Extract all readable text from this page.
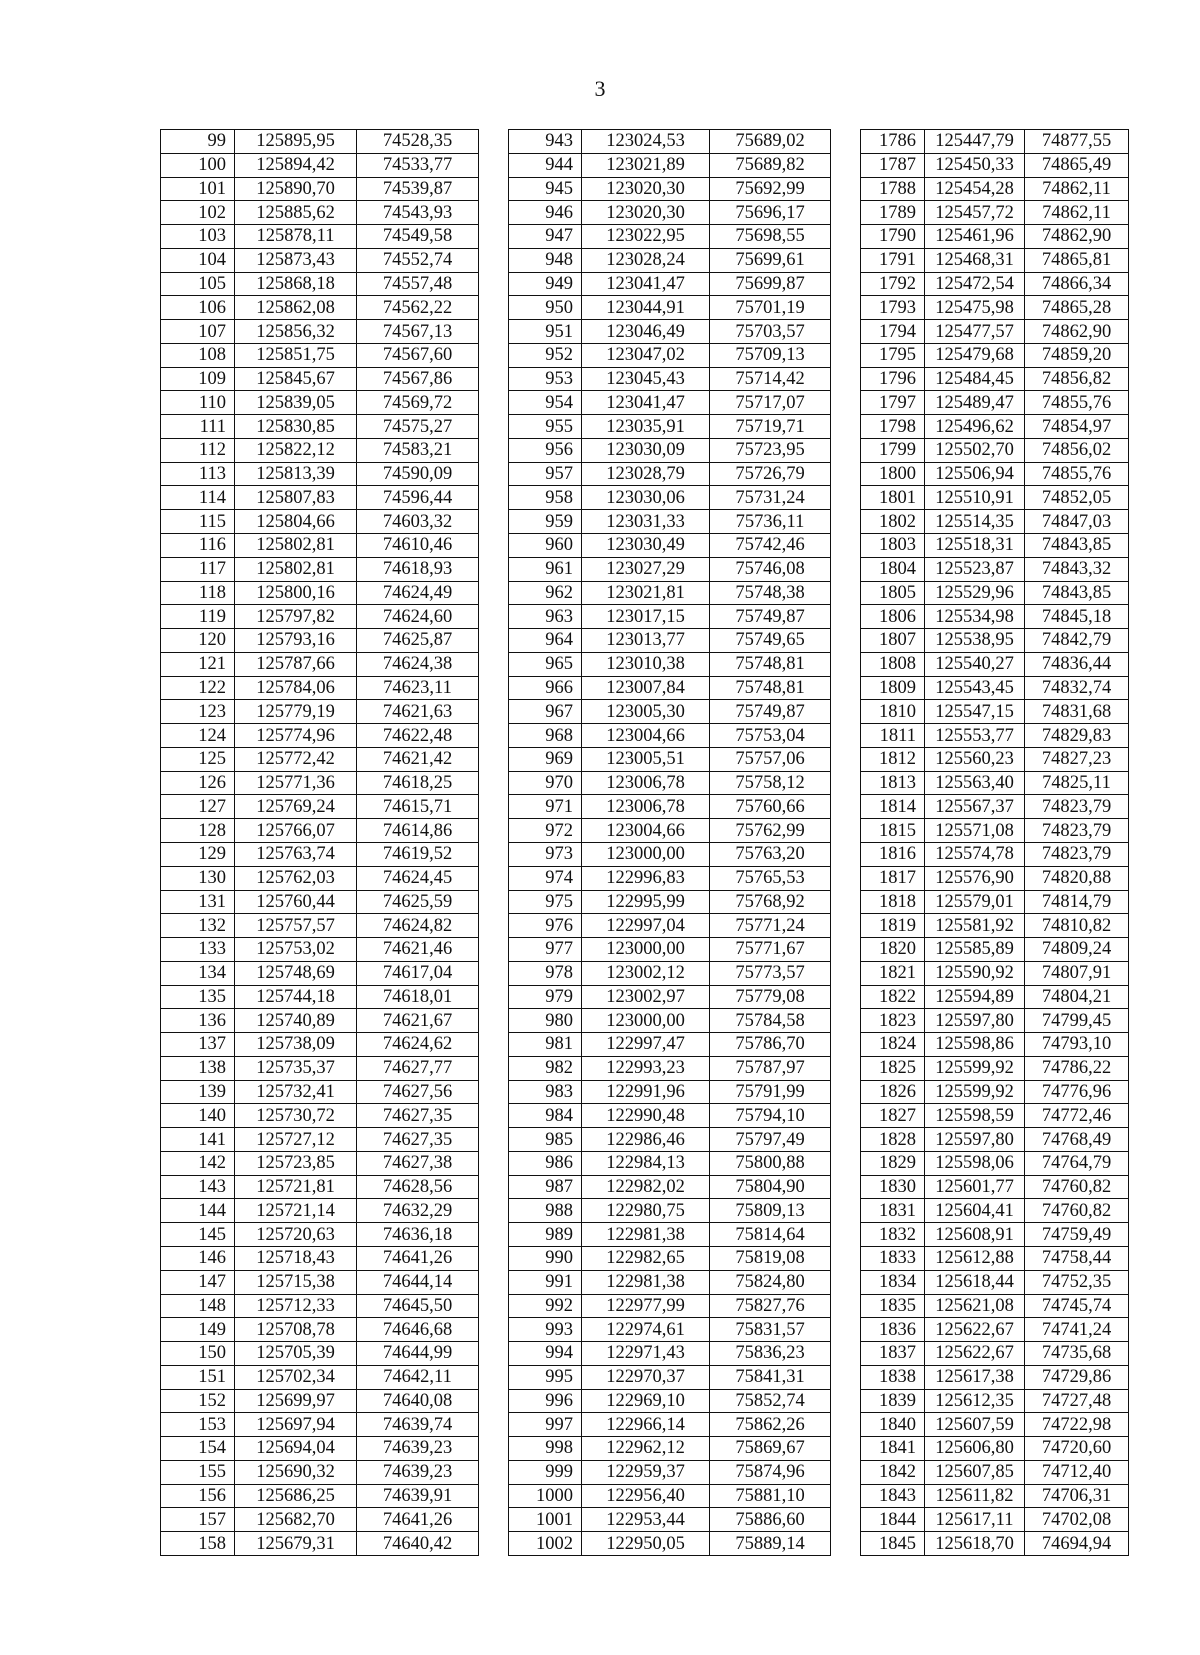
3
99	125895,95	74528,35		943	123024,53	75689,02		1786	125447,79	74877,55
100	125894,42	74533,77		944	123021,89	75689,82		1787	125450,33	74865,49
101	125890,70	74539,87		945	123020,30	75692,99		1788	125454,28	74862,11
102	125885,62	74543,93		946	123020,30	75696,17		1789	125457,72	74862,11
103	125878,11	74549,58		947	123022,95	75698,55		1790	125461,96	74862,90
104	125873,43	74552,74		948	123028,24	75699,61		1791	125468,31	74865,81
105	125868,18	74557,48		949	123041,47	75699,87		1792	125472,54	74866,34
106	125862,08	74562,22		950	123044,91	75701,19		1793	125475,98	74865,28
107	125856,32	74567,13		951	123046,49	75703,57		1794	125477,57	74862,90
108	125851,75	74567,60		952	123047,02	75709,13		1795	125479,68	74859,20
109	125845,67	74567,86		953	123045,43	75714,42		1796	125484,45	74856,82
110	125839,05	74569,72		954	123041,47	75717,07		1797	125489,47	74855,76
111	125830,85	74575,27		955	123035,91	75719,71		1798	125496,62	74854,97
112	125822,12	74583,21		956	123030,09	75723,95		1799	125502,70	74856,02
113	125813,39	74590,09		957	123028,79	75726,79		1800	125506,94	74855,76
114	125807,83	74596,44		958	123030,06	75731,24		1801	125510,91	74852,05
115	125804,66	74603,32		959	123031,33	75736,11		1802	125514,35	74847,03
116	125802,81	74610,46		960	123030,49	75742,46		1803	125518,31	74843,85
117	125802,81	74618,93		961	123027,29	75746,08		1804	125523,87	74843,32
118	125800,16	74624,49		962	123021,81	75748,38		1805	125529,96	74843,85
119	125797,82	74624,60		963	123017,15	75749,87		1806	125534,98	74845,18
120	125793,16	74625,87		964	123013,77	75749,65		1807	125538,95	74842,79
121	125787,66	74624,38		965	123010,38	75748,81		1808	125540,27	74836,44
122	125784,06	74623,11		966	123007,84	75748,81		1809	125543,45	74832,74
123	125779,19	74621,63		967	123005,30	75749,87		1810	125547,15	74831,68
124	125774,96	74622,48		968	123004,66	75753,04		1811	125553,77	74829,83
125	125772,42	74621,42		969	123005,51	75757,06		1812	125560,23	74827,23
126	125771,36	74618,25		970	123006,78	75758,12		1813	125563,40	74825,11
127	125769,24	74615,71		971	123006,78	75760,66		1814	125567,37	74823,79
128	125766,07	74614,86		972	123004,66	75762,99		1815	125571,08	74823,79
129	125763,74	74619,52		973	123000,00	75763,20		1816	125574,78	74823,79
130	125762,03	74624,45		974	122996,83	75765,53		1817	125576,90	74820,88
131	125760,44	74625,59		975	122995,99	75768,92		1818	125579,01	74814,79
132	125757,57	74624,82		976	122997,04	75771,24		1819	125581,92	74810,82
133	125753,02	74621,46		977	123000,00	75771,67		1820	125585,89	74809,24
134	125748,69	74617,04		978	123002,12	75773,57		1821	125590,92	74807,91
135	125744,18	74618,01		979	123002,97	75779,08		1822	125594,89	74804,21
136	125740,89	74621,67		980	123000,00	75784,58		1823	125597,80	74799,45
137	125738,09	74624,62		981	122997,47	75786,70		1824	125598,86	74793,10
138	125735,37	74627,77		982	122993,23	75787,97		1825	125599,92	74786,22
139	125732,41	74627,56		983	122991,96	75791,99		1826	125599,92	74776,96
140	125730,72	74627,35		984	122990,48	75794,10		1827	125598,59	74772,46
141	125727,12	74627,35		985	122986,46	75797,49		1828	125597,80	74768,49
142	125723,85	74627,38		986	122984,13	75800,88		1829	125598,06	74764,79
143	125721,81	74628,56		987	122982,02	75804,90		1830	125601,77	74760,82
144	125721,14	74632,29		988	122980,75	75809,13		1831	125604,41	74760,82
145	125720,63	74636,18		989	122981,38	75814,64		1832	125608,91	74759,49
146	125718,43	74641,26		990	122982,65	75819,08		1833	125612,88	74758,44
147	125715,38	74644,14		991	122981,38	75824,80		1834	125618,44	74752,35
148	125712,33	74645,50		992	122977,99	75827,76		1835	125621,08	74745,74
149	125708,78	74646,68		993	122974,61	75831,57		1836	125622,67	74741,24
150	125705,39	74644,99		994	122971,43	75836,23		1837	125622,67	74735,68
151	125702,34	74642,11		995	122970,37	75841,31		1838	125617,38	74729,86
152	125699,97	74640,08		996	122969,10	75852,74		1839	125612,35	74727,48
153	125697,94	74639,74		997	122966,14	75862,26		1840	125607,59	74722,98
154	125694,04	74639,23		998	122962,12	75869,67		1841	125606,80	74720,60
155	125690,32	74639,23		999	122959,37	75874,96		1842	125607,85	74712,40
156	125686,25	74639,91		1000	122956,40	75881,10		1843	125611,82	74706,31
157	125682,70	74641,26		1001	122953,44	75886,60		1844	125617,11	74702,08
158	125679,31	74640,42		1002	122950,05	75889,14		1845	125618,70	74694,94
